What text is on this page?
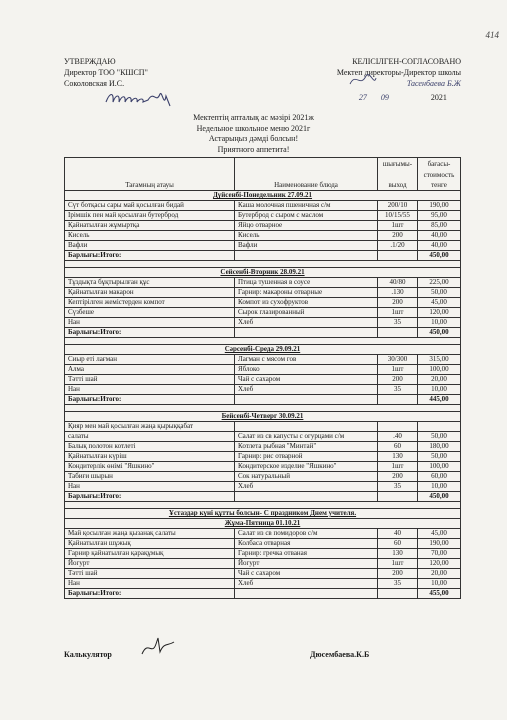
414
УТВЕРЖДАЮ
Директор ТОО "КШСП"
Соколовская И.С.
КЕЛІСІЛГЕН-СОГЛАСОВАНО
Мектеп директоры-Директор школы
Тасенбаева Б.Ж
27 09	2021
Мектептің апталық ас мәзірі 2021ж
Недельное школьное меню 2021г
Астарыңыз дәмді болсын!
Приятного аппетита!
Тағамның атауы	Наименование блюда	шығымы-
выход	бағасы-
стоимость
тенге

Дүйсенбі-Понедельник 27.09.21			
Сүт ботқасы сары май қосылған бидай	Каша молочная пшеничная с/м	200/10	190,00
Ірімшік пен май қосылған бутерброд	Бутерброд с сыром с маслом	10/15/55	95,00
Қайнатылған жұмыртқа	Яйцо отварное	1шт	85,00
Кисель	Кисель	200	40,00
Вафли	Вафли	.1/20	40,00
Барлығы:Итого:			450,00

Сейсенбі-Вторник 28.09.21			
Тұздықта бұқтырылған құс	Птица тушенная в соусе	40/80	225,00
Қайнатылған макарон	Гарнир: макароны отварные	.130	50,00
Кептірілген жемістерден компот	Компот из сухофруктов	200	45,00
Сүзбеше	Сырок глазированный	1шт	120,00
Нан	Хлеб	35	10,00
Барлығы:Итого:			450,00

Сәрсенбі-Среда 29.09.21			
Сиыр еті лағман	Лагман с мясом гов	30/300	315,00
Алма	Яблоко	1шт	100,00
Тәтті шай	Чай с сахаром	200	20,00
Нан	Хлеб	35	10,00
Барлығы:Итого:			445,00

Бейсенбі-Четверг 30.09.21			
Қияр мен май қосылған жаңа қырыққабат			
салаты	Салат из св капусты с огурцами с/м	.40	50,00
Балық полотон котлеті	Котлета рыбная "Минтай"	60	180,00
Қайнатылған күріш	Гарнир: рис отварной	130	50,00
Кондитерлік өнімі "Яшкино"	Кондитерское изделие "Яшкино"	1шт	100,00
Табиғи шырын	Сок натуральный	200	60,00
Нан	Хлеб	35	10,00
Барлығы:Итого:			450,00

Ұстаздар күні құтты болсын- С праздником Днем учителя.			
Жұма-Пятница 01.10.21			
Май қосылған жаңа қызанақ салаты	Салат из св помидоров с/м	40	45,00
Қайнатылған шұжық	Колбаса отварная	60	190,00
Гарнир қайнатылған қарақұмық	Гарнир: гречка отваная	130	70,00
Йогурт	Йогурт	1шт	120,00
Тәтті шай	Чай с сахаром	200	20,00
Нан	Хлеб	35	10,00
Барлығы:Итого:			455,00
Калькулятор	Дюсембаева.К.Б
